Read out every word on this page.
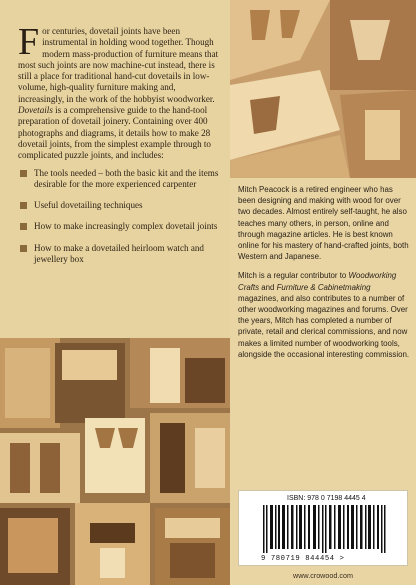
F or centuries, dovetail joints have been instrumental in holding wood together. Though modern mass-production of furniture means that most such joints are now machine-cut instead, there is still a place for traditional hand-cut dovetails in low-volume, high-quality furniture making and, increasingly, in the work of the hobbyist woodworker.
Dovetails is a comprehensive guide to the hand-tool preparation of dovetail joinery. Containing over 400 photographs and diagrams, it details how to make 28 dovetail joints, from the simplest example through to complicated puzzle joints, and includes:
The tools needed – both the basic kit and the items desirable for the more experienced carpenter
Useful dovetailing techniques
How to make increasingly complex dovetail joints
How to make a dovetailed heirloom watch and jewellery box

Mitch Peacock is a retired engineer who has been designing and making with wood for over two decades. Almost entirely self-taught, he also teaches many others, in person, online and through magazine articles. He is best known online for his mastery of hand-crafted joints, both Western and Japanese.

Mitch is a regular contributor to Woodworking Crafts and Furniture & Cabinetmaking magazines, and also contributes to a number of other woodworking magazines and forums. Over the years, Mitch has completed a number of private, retail and clerical commissions, and now makes a limited number of woodworking tools, alongside the occasional interesting commission.

ISBN: 978 0 7198 4445 4
9 780719 844454 >
www.crowood.com
